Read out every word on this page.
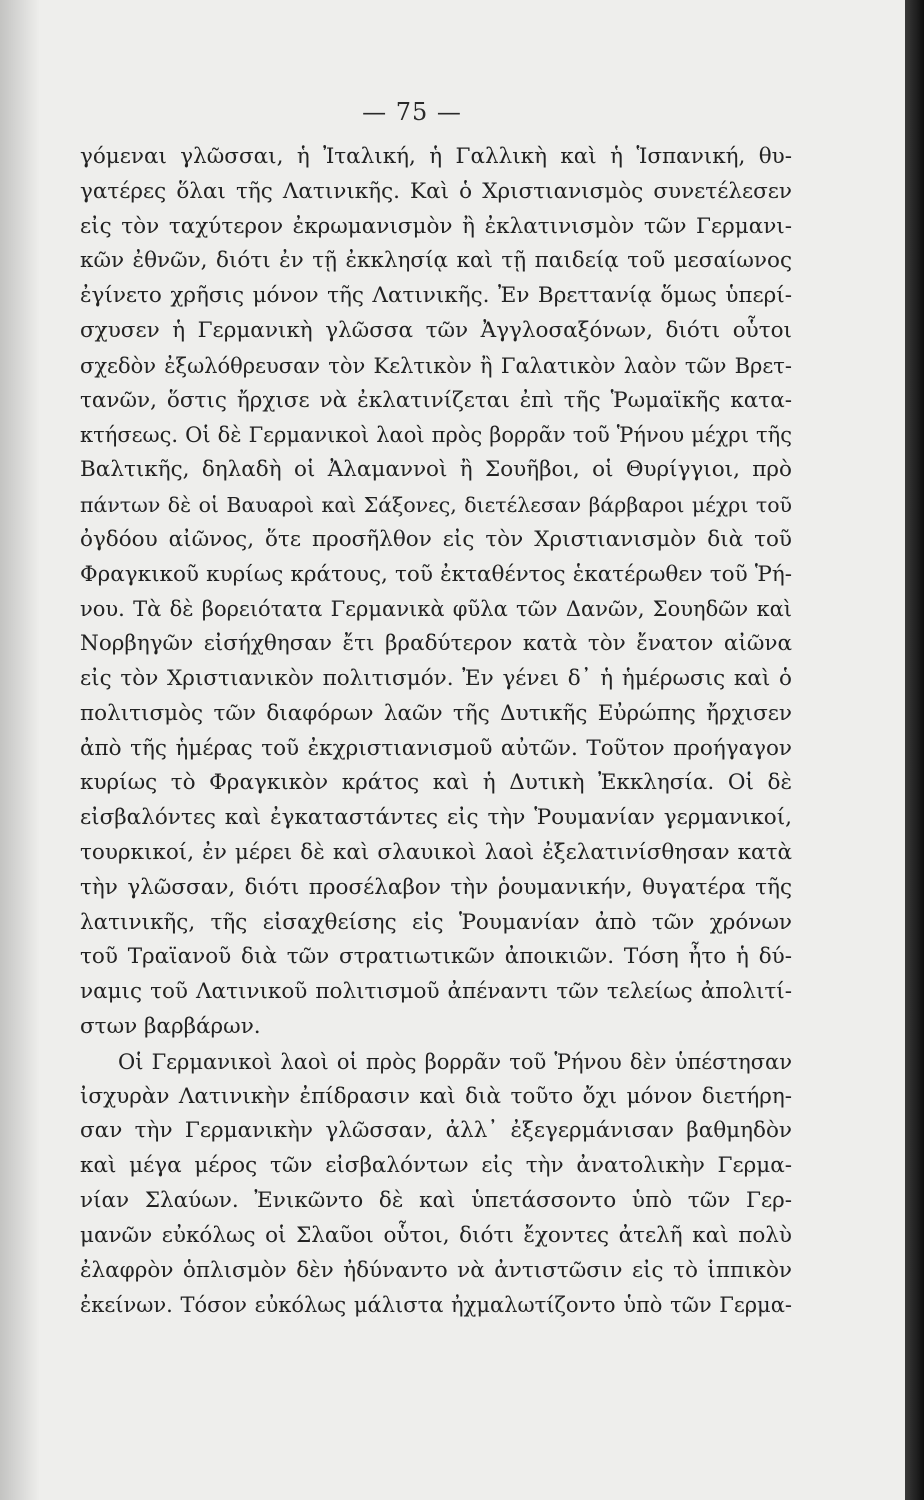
— 75 —
γόμεναι γλῶσσαι, ἡ Ἰταλική, ἡ Γαλλικὴ καὶ ἡ Ἱσπανική, θυ-
γατέρες ὅλαι τῆς Λατινικῆς. Καὶ ὁ Χριστιανισμὸς συνετέλεσεν
εἰς τὸν ταχύτερον ἐκρωμανισμὸν ἢ ἐκλατινισμὸν τῶν Γερμανι-
κῶν ἐθνῶν, διότι ἐν τῇ ἐκκλησίᾳ καὶ τῇ παιδείᾳ τοῦ μεσαίωνος
ἐγίνετο χρῆσις μόνον τῆς Λατινικῆς. Ἐν Βρεττανίᾳ ὅμως ὑπερί-
σχυσεν ἡ Γερμανικὴ γλῶσσα τῶν Ἀγγλοσαξόνων, διότι οὗτοι
σχεδὸν ἐξωλόθρευσαν τὸν Κελτικὸν ἢ Γαλατικὸν λαὸν τῶν Βρετ-
τανῶν, ὅστις ἤρχισε νὰ ἐκλατινίζεται ἐπὶ τῆς Ῥωμαϊκῆς κατα-
κτήσεως. Οἱ δὲ Γερμανικοὶ λαοὶ πρὸς βορρᾶν τοῦ Ῥήνου μέχρι τῆς
Βαλτικῆς, δηλαδὴ οἱ Ἀλαμαννοὶ ἢ Σουῆβοι, οἱ Θυρίγγιοι, πρὸ
πάντων δὲ οἱ Βαυαροὶ καὶ Σάξονες, διετέλεσαν βάρβαροι μέχρι τοῦ
ὀγδόου αἰῶνος, ὅτε προσῆλθον εἰς τὸν Χριστιανισμὸν διὰ τοῦ
Φραγκικοῦ κυρίως κράτους, τοῦ ἐκταθέντος ἑκατέρωθεν τοῦ Ῥή-
νου. Τὰ δὲ βορειότατα Γερμανικὰ φῦλα τῶν Δανῶν, Σουηδῶν καὶ
Νορβηγῶν εἰσήχθησαν ἔτι βραδύτερον κατὰ τὸν ἔνατον αἰῶνα
εἰς τὸν Χριστιανικὸν πολιτισμόν. Ἐν γένει δ᾽ ἡ ἡμέρωσις καὶ ὁ
πολιτισμὸς τῶν διαφόρων λαῶν τῆς Δυτικῆς Εὐρώπης ἤρχισεν
ἀπὸ τῆς ἡμέρας τοῦ ἐκχριστιανισμοῦ αὐτῶν. Τοῦτον προήγαγον
κυρίως τὸ Φραγκικὸν κράτος καὶ ἡ Δυτικὴ Ἐκκλησία. Οἱ δὲ
εἰσβαλόντες καὶ ἐγκαταστάντες εἰς τὴν Ῥουμανίαν γερμανικοί,
τουρκικοί, ἐν μέρει δὲ καὶ σλαυικοὶ λαοὶ ἐξελατινίσθησαν κατὰ
τὴν γλῶσσαν, διότι προσέλαβον τὴν ῥουμανικήν, θυγατέρα τῆς
λατινικῆς, τῆς εἰσαχθείσης εἰς Ῥουμανίαν ἀπὸ τῶν χρόνων
τοῦ Τραϊανοῦ διὰ τῶν στρατιωτικῶν ἀποικιῶν. Τόση ἦτο ἡ δύ-
ναμις τοῦ Λατινικοῦ πολιτισμοῦ ἀπέναντι τῶν τελείως ἀπολιτί-
στων βαρβάρων.
Οἱ Γερμανικοὶ λαοὶ οἱ πρὸς βορρᾶν τοῦ Ῥήνου δὲν ὑπέστησαν
ἰσχυρὰν Λατινικὴν ἐπίδρασιν καὶ διὰ τοῦτο ὄχι μόνον διετήρη-
σαν τὴν Γερμανικὴν γλῶσσαν, ἀλλ᾽ ἐξεγερμάνισαν βαθμηδὸν
καὶ μέγα μέρος τῶν εἰσβαλόντων εἰς τὴν ἀνατολικὴν Γερμα-
νίαν Σλαύων. Ἐνικῶντο δὲ καὶ ὑπετάσσοντο ὑπὸ τῶν Γερ-
μανῶν εὐκόλως οἱ Σλαῦοι οὗτοι, διότι ἔχοντες ἀτελῆ καὶ πολὺ
ἐλαφρὸν ὁπλισμὸν δὲν ἠδύναντο νὰ ἀντιστῶσιν εἰς τὸ ἱππικὸν
ἐκείνων. Τόσον εὐκόλως μάλιστα ἠχμαλωτίζοντο ὑπὸ τῶν Γερμα-
